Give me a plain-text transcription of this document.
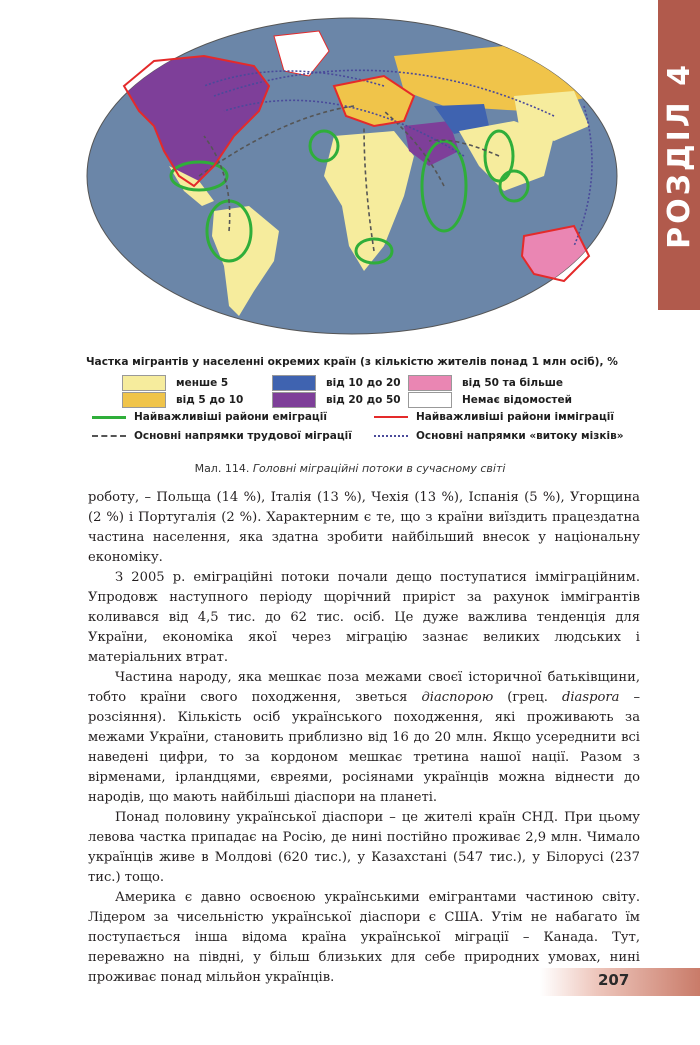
РОЗДІЛ 4
Частка мігрантів у населенні окремих країн (з кількістю жителів понад 1 млн осіб), %
менше 5
від 5 до 10
від 10 до 20
від 20 до 50
від 50 та більше
Немає відомостей
Найважливіші райони еміграції	Найважливіші райони імміграції
Основні напрямки трудової міграції	Основні напрямки «витоку мізків»
Мал. 114. Головні міграційні потоки в сучасному світі

роботу, – Польща (14 %), Італія (13 %), Чехія (13 %), Іспанія (5 %), Угорщина (2 %) і Португалія (2 %). Характерним є те, що з країни виїздить працездатна частина населення, яка здатна зробити найбільший внесок у національну економіку.

З 2005 р. еміграційні потоки почали дещо поступатися імміграційним. Упродовж наступного періоду щорічний приріст за рахунок іммігрантів коливався від 4,5 тис. до 62 тис. осіб. Це дуже важлива тенденція для України, економіка якої через міграцію зазнає великих людських і матеріальних втрат.

Частина народу, яка мешкає поза межами своєї історичної батьківщини, тобто країни свого походження, зветься діаспорою (грец. diaspora – розсіяння). Кількість осіб українського походження, які проживають за межами України, становить приблизно від 16 до 20 млн. Якщо усереднити всі наведені цифри, то за кордоном мешкає третина нашої нації. Разом з вірменами, ірландцями, євреями, росіянами українців можна віднести до народів, що мають найбільші діаспори на планеті.

Понад половину української діаспори – це жителі країн СНД. При цьому левова частка припадає на Росію, де нині постійно проживає 2,9 млн. Чимало українців живе в Молдові (620 тис.), у Казахстані (547 тис.), у Білорусі (237 тис.) тощо.

Америка є давно освоєною українськими емігрантами частиною світу. Лідером за чисельністю української діаспори є США. Утім не набагато їм поступається інша відома країна української міграції – Канада. Тут, переважно на півдні, у більш близьких для себе природних умовах, нині проживає понад мільйон українців.	207
